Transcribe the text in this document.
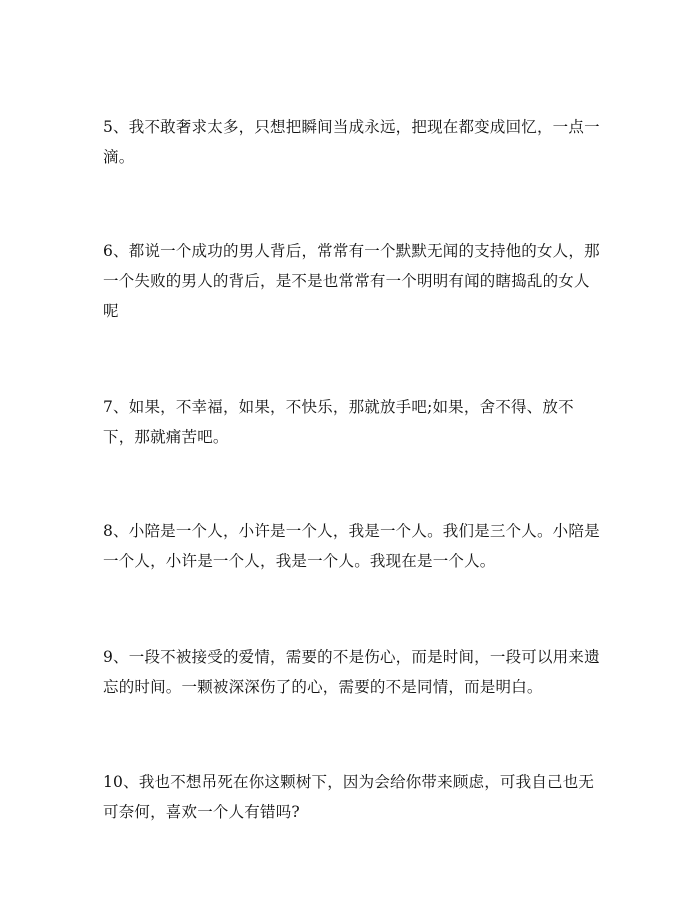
5、我不敢奢求太多，只想把瞬间当成永远，把现在都变成回忆，一点一滴。

6、都说一个成功的男人背后，常常有一个默默无闻的支持他的女人，那一个失败的男人的背后，是不是也常常有一个明明有闻的瞎捣乱的女人呢

7、如果，不幸福，如果，不快乐，那就放手吧;如果，舍不得、放不下，那就痛苦吧。

8、小陪是一个人，小许是一个人，我是一个人。我们是三个人。小陪是一个人，小许是一个人，我是一个人。我现在是一个人。

9、一段不被接受的爱情，需要的不是伤心，而是时间，一段可以用来遗忘的时间。一颗被深深伤了的心，需要的不是同情，而是明白。

10、我也不想吊死在你这颗树下，因为会给你带来顾虑，可我自己也无可奈何，喜欢一个人有错吗?
